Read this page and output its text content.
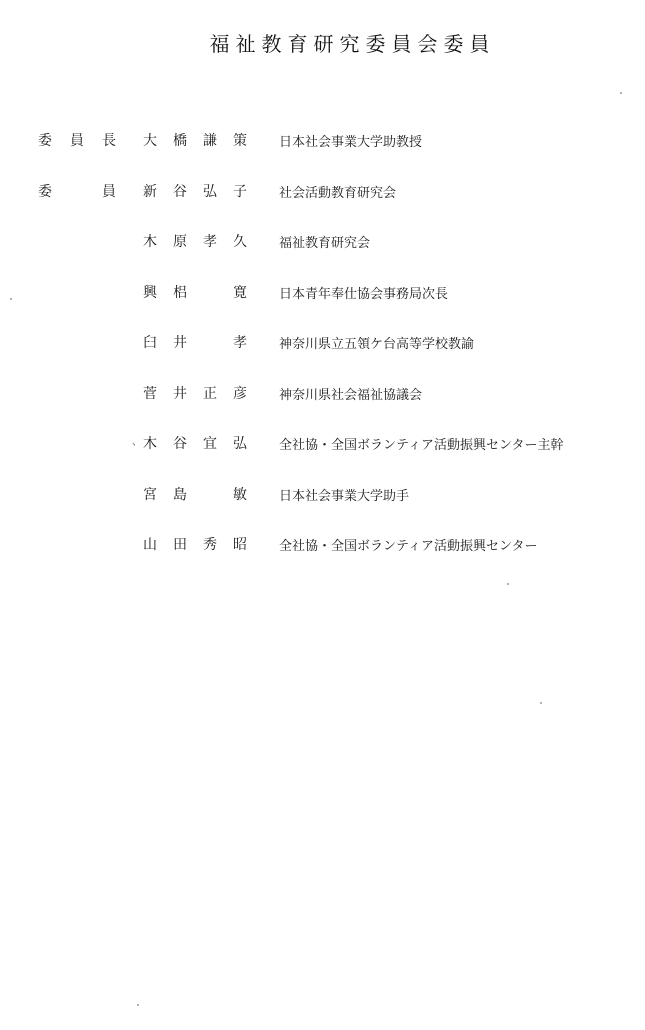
福祉教育研究委員会委員
委 員 長 大 橋 謙 策 日本社会事業大学助教授
委	員 新 谷 弘 子 社会活動教育研究会
木 原 孝 久 福祉教育研究会
興 梠	寛 日本青年奉仕協会事務局次長
臼 井	孝 神奈川県立五領ケ台高等学校教諭
菅 井 正 彦 神奈川県社会福祉協議会
、 木 谷 宜 弘 全社協・全国ボランティア活動振興センター主幹
宮 島	敏 日本社会事業大学助手
山 田 秀 昭 全社協・全国ボランティア活動振興センター
